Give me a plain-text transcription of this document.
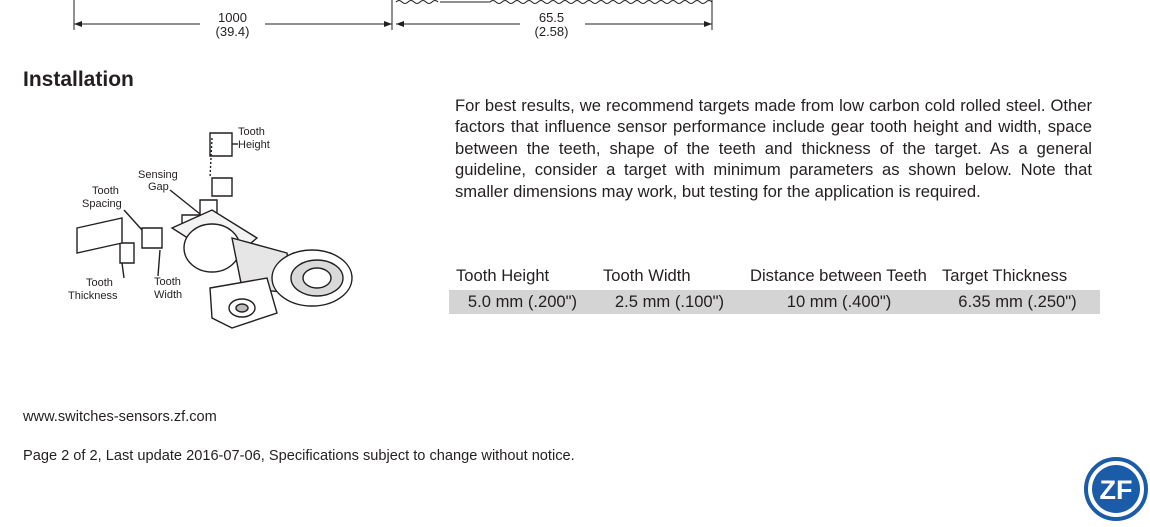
1000
(39.4)
65.5
(2.58)
Installation
Tooth
Height
Sensing
Gap
Tooth
Spacing
Tooth
Thickness
Tooth
Width
For best results, we recommend targets made from low carbon cold rolled steel. Other factors that influence sensor performance include gear tooth height and width, space between the teeth, shape of the teeth and thickness of the target. As a general guideline, consider a target with minimum parameters as shown below. Note that smaller dimensions may work, but testing for the application is required.
Tooth Height	Tooth Width	Distance between Teeth	Target Thickness
5.0 mm (.200")	2.5 mm (.100")	10 mm (.400")	6.35 mm (.250")
www.switches-sensors.zf.com
Page 2 of 2, Last update 2016-07-06, Specifications subject to change without notice.
ZF
